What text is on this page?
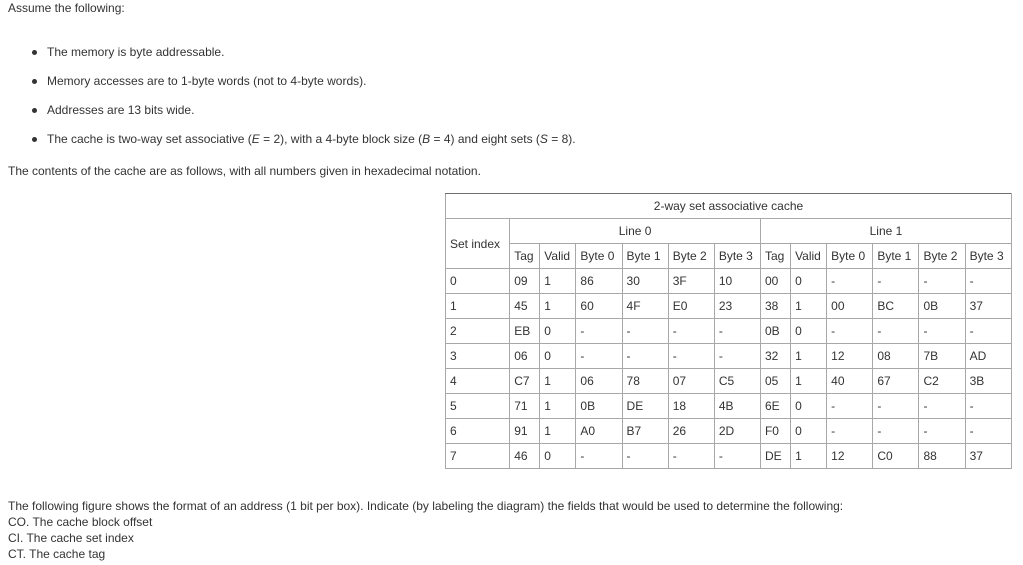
Assume the following:
The memory is byte addressable.
Memory accesses are to 1-byte words (not to 4-byte words).
Addresses are 13 bits wide.
The cache is two-way set associative (E = 2), with a 4-byte block size (B = 4) and eight sets (S = 8).
The contents of the cache are as follows, with all numbers given in hexadecimal notation.
2-way set associative cache												
Set index	Line 0						Line 1					
	Tag	Valid	Byte 0	Byte 1	Byte 2	Byte 3	Tag	Valid	Byte 0	Byte 1	Byte 2	Byte 3
0	09	1	86	30	3F	10	00	0	-	-	-	-
1	45	1	60	4F	E0	23	38	1	00	BC	0B	37
2	EB	0	-	-	-	-	0B	0	-	-	-	-
3	06	0	-	-	-	-	32	1	12	08	7B	AD
4	C7	1	06	78	07	C5	05	1	40	67	C2	3B
5	71	1	0B	DE	18	4B	6E	0	-	-	-	-
6	91	1	A0	B7	26	2D	F0	0	-	-	-	-
7	46	0	-	-	-	-	DE	1	12	C0	88	37
The following figure shows the format of an address (1 bit per box). Indicate (by labeling the diagram) the fields that would be used to determine the following:
CO. The cache block offset
CI. The cache set index
CT. The cache tag
